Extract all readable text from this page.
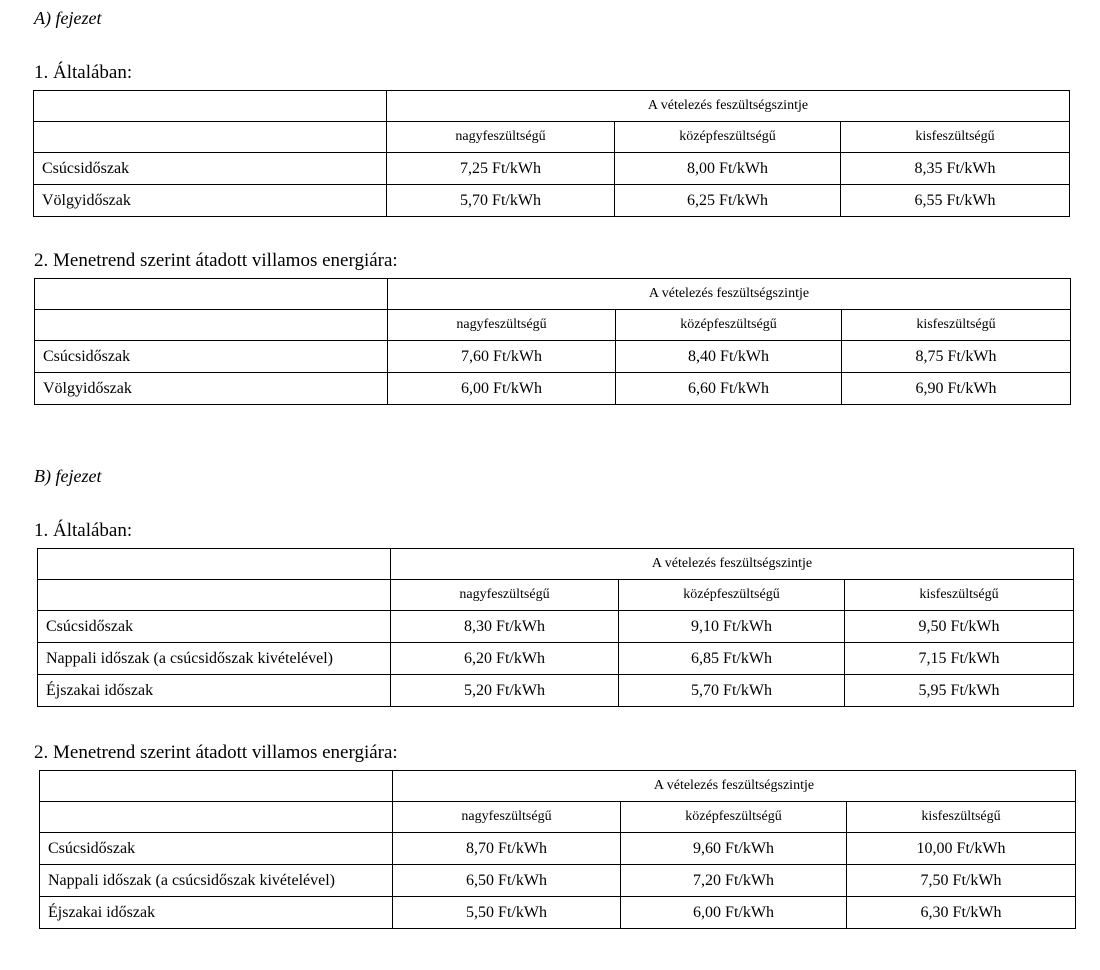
A) fejezet
1. Általában:
	A vételezés feszültségszintje		
	nagyfeszültségű	középfeszültségű	kisfeszültségű
Csúcsidőszak	7,25 Ft/kWh	8,00 Ft/kWh	8,35 Ft/kWh
Völgyidőszak	5,70 Ft/kWh	6,25 Ft/kWh	6,55 Ft/kWh
2. Menetrend szerint átadott villamos energiára:
	A vételezés feszültségszintje		
	nagyfeszültségű	középfeszültségű	kisfeszültségű
Csúcsidőszak	7,60 Ft/kWh	8,40 Ft/kWh	8,75 Ft/kWh
Völgyidőszak	6,00 Ft/kWh	6,60 Ft/kWh	6,90 Ft/kWh
B) fejezet
1. Általában:
	A vételezés feszültségszintje		
	nagyfeszültségű	középfeszültségű	kisfeszültségű
Csúcsidőszak	8,30 Ft/kWh	9,10 Ft/kWh	9,50 Ft/kWh
Nappali időszak (a csúcsidőszak kivételével)	6,20 Ft/kWh	6,85 Ft/kWh	7,15 Ft/kWh
Éjszakai időszak	5,20 Ft/kWh	5,70 Ft/kWh	5,95 Ft/kWh
2. Menetrend szerint átadott villamos energiára:
	A vételezés feszültségszintje		
	nagyfeszültségű	középfeszültségű	kisfeszültségű
Csúcsidőszak	8,70 Ft/kWh	9,60 Ft/kWh	10,00 Ft/kWh
Nappali időszak (a csúcsidőszak kivételével)	6,50 Ft/kWh	7,20 Ft/kWh	7,50 Ft/kWh
Éjszakai időszak	5,50 Ft/kWh	6,00 Ft/kWh	6,30 Ft/kWh
